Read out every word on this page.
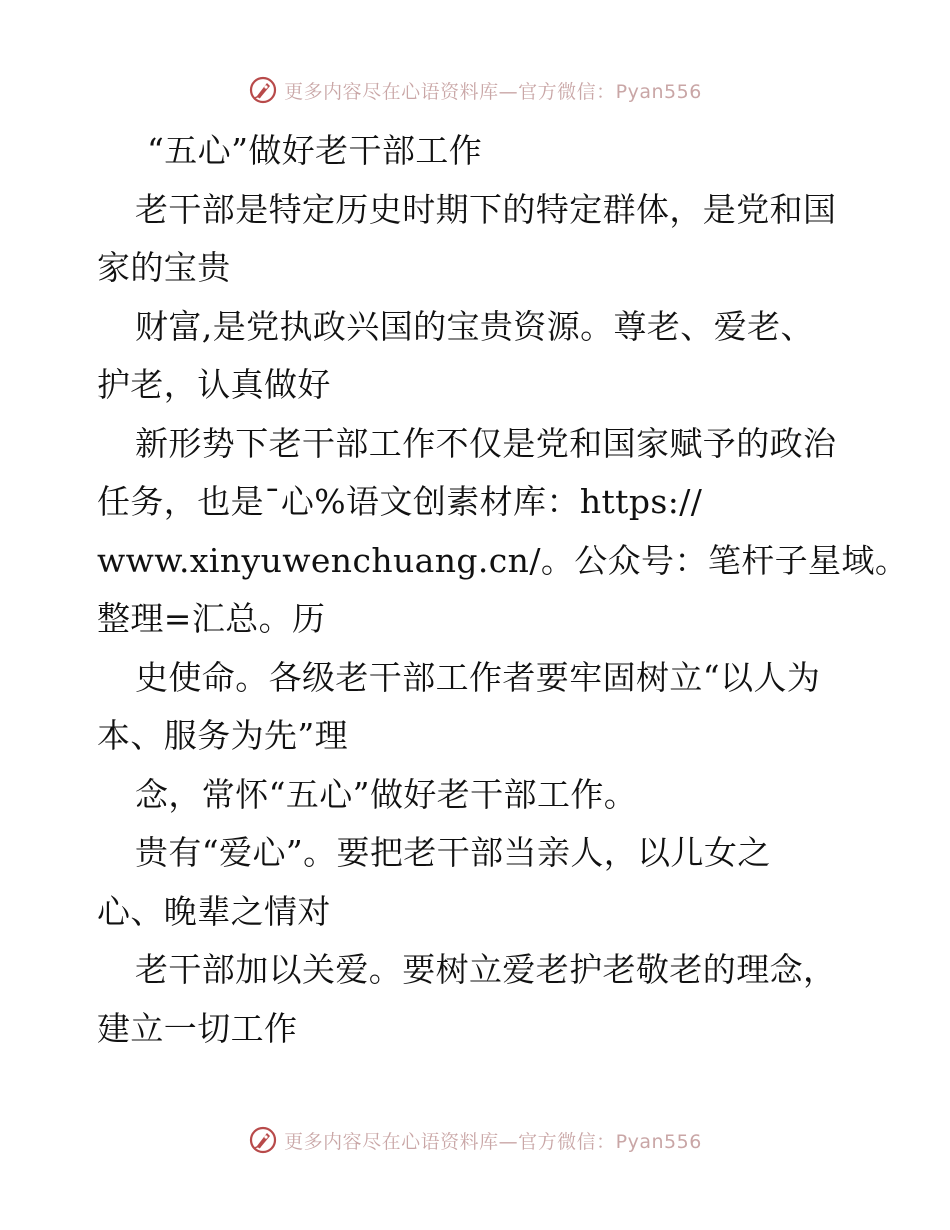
更多内容尽在心语资料库—官方微信：Pyan556
“五心”做好老干部工作
老干部是特定历史时期下的特定群体，是党和国
家的宝贵
财富,是党执政兴国的宝贵资源。尊老、爱老、
护老，认真做好
新形势下老干部工作不仅是党和国家赋予的政治
任务，也是¯心%语文创素材库：https://
www.xinyuwenchuang.cn/。公众号：笔杆子星域。
整理=汇总。历
史使命。各级老干部工作者要牢固树立“以人为
本、服务为先”理
念，常怀“五心”做好老干部工作。
贵有“爱心”。要把老干部当亲人，以儿女之
心、晚辈之情对
老干部加以关爱。要树立爱老护老敬老的理念，
建立一切工作
更多内容尽在心语资料库—官方微信：Pyan556
